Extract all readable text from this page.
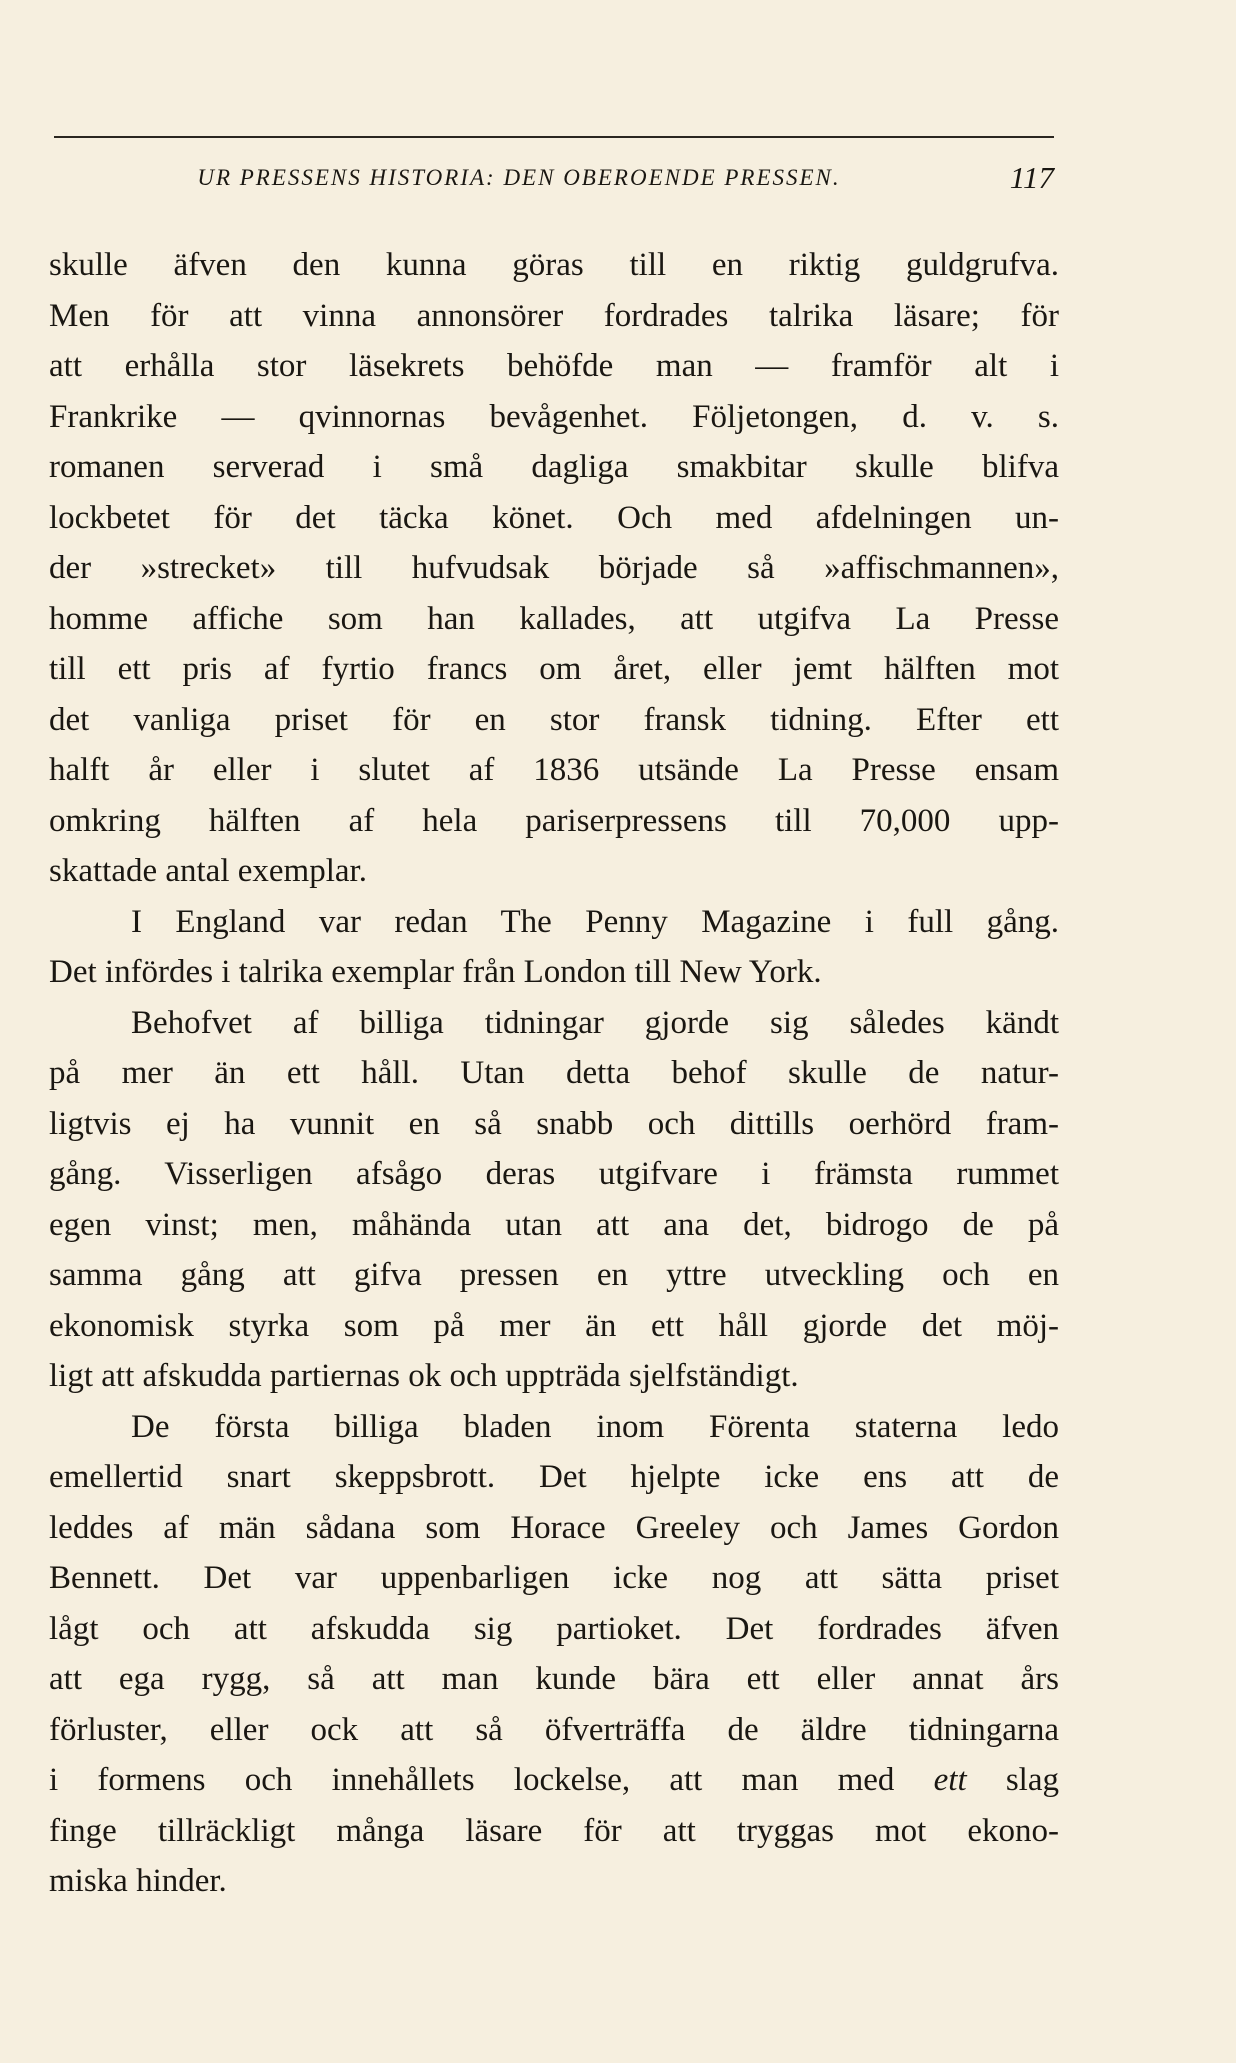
UR PRESSENS HISTORIA: DEN OBEROENDE PRESSEN.	117
skulle äfven den kunna göras till en riktig guldgrufva.
Men för att vinna annonsörer fordrades talrika läsare; för
att erhålla stor läsekrets behöfde man — framför alt i
Frankrike — qvinnornas bevågenhet. Följetongen, d. v. s.
romanen serverad i små dagliga smakbitar skulle blifva
lockbetet för det täcka könet. Och med afdelningen un-
der »strecket» till hufvudsak började så »affischmannen»,
homme affiche som han kallades, att utgifva La Presse
till ett pris af fyrtio francs om året, eller jemt hälften mot
det vanliga priset för en stor fransk tidning. Efter ett
halft år eller i slutet af 1836 utsände La Presse ensam
omkring hälften af hela pariserpressens till 70,000 upp-
skattade antal exemplar.
I England var redan The Penny Magazine i full gång.
Det infördes i talrika exemplar från London till New York.
Behofvet af billiga tidningar gjorde sig således kändt
på mer än ett håll. Utan detta behof skulle de natur-
ligtvis ej ha vunnit en så snabb och dittills oerhörd fram-
gång. Visserligen afsågo deras utgifvare i främsta rummet
egen vinst; men, måhända utan att ana det, bidrogo de på
samma gång att gifva pressen en yttre utveckling och en
ekonomisk styrka som på mer än ett håll gjorde det möj-
ligt att afskudda partiernas ok och uppträda sjelfständigt.
De första billiga bladen inom Förenta staterna ledo
emellertid snart skeppsbrott. Det hjelpte icke ens att de
leddes af män sådana som Horace Greeley och James Gordon
Bennett. Det var uppenbarligen icke nog att sätta priset
lågt och att afskudda sig partioket. Det fordrades äfven
att ega rygg, så att man kunde bära ett eller annat års
förluster, eller ock att så öfverträffa de äldre tidningarna
i formens och innehållets lockelse, att man med ett slag
finge tillräckligt många läsare för att tryggas mot ekono-
miska hinder.
